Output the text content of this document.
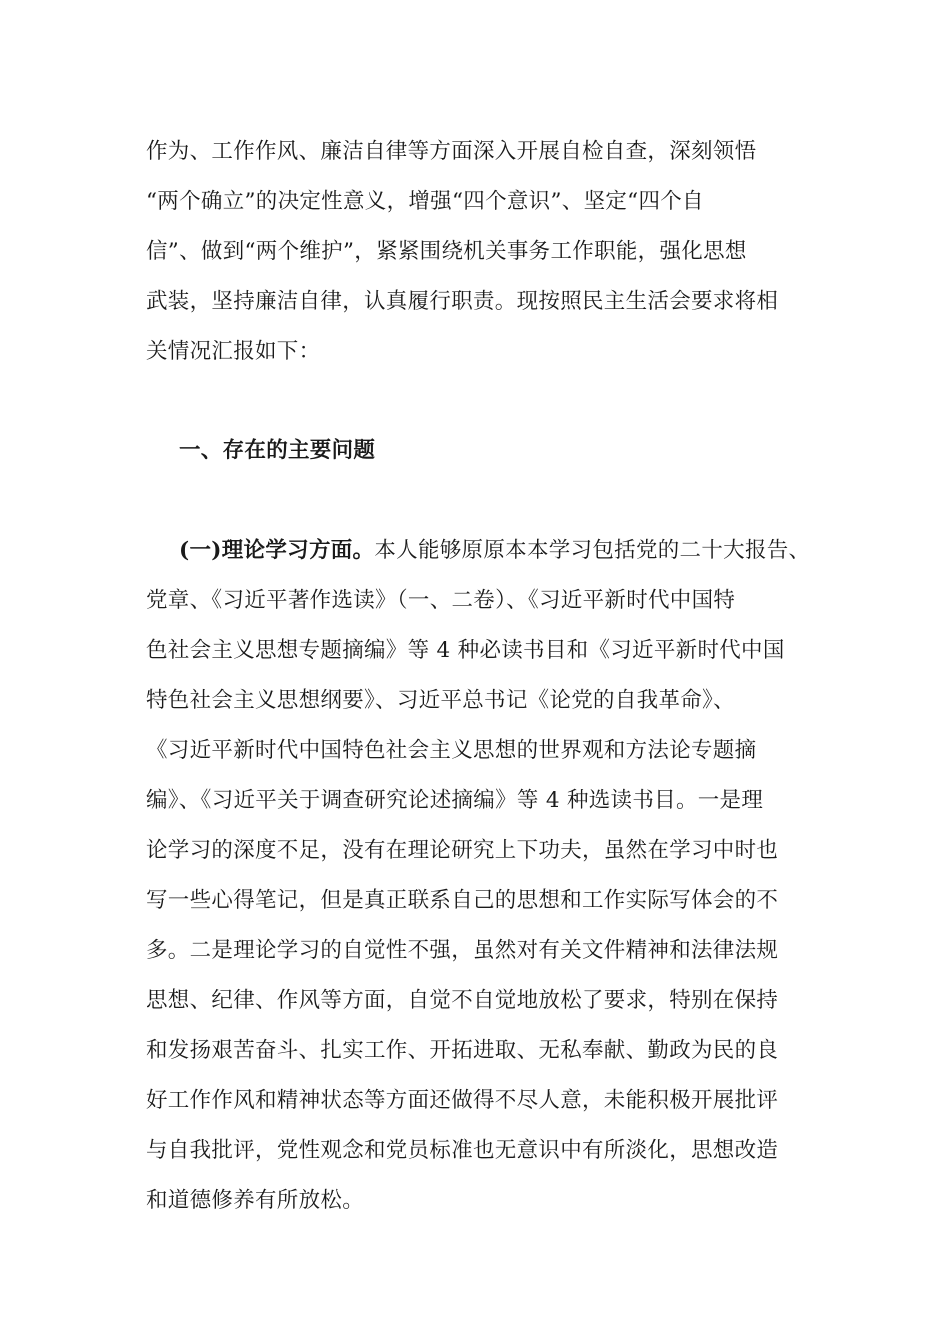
作为、工作作风、廉洁自律等方面深入开展自检自查，深刻领悟
“两个确立”的决定性意义，增强“四个意识”、坚定“四个自
信”、做到“两个维护”，紧紧围绕机关事务工作职能，强化思想
武装，坚持廉洁自律，认真履行职责。现按照民主生活会要求将相
关情况汇报如下：
一、存在的主要问题
(一)理论学习方面。本人能够原原本本学习包括党的二十大报告、
党章、《习近平著作选读》（一、二卷）、《习近平新时代中国特
色社会主义思想专题摘编》等 4 种必读书目和《习近平新时代中国
特色社会主义思想纲要》、习近平总书记《论党的自我革命》、
《习近平新时代中国特色社会主义思想的世界观和方法论专题摘
编》、《习近平关于调查研究论述摘编》等 4 种选读书目。一是理
论学习的深度不足，没有在理论研究上下功夫，虽然在学习中时也
写一些心得笔记，但是真正联系自己的思想和工作实际写体会的不
多。二是理论学习的自觉性不强，虽然对有关文件精神和法律法规
思想、纪律、作风等方面，自觉不自觉地放松了要求，特别在保持
和发扬艰苦奋斗、扎实工作、开拓进取、无私奉献、勤政为民的良
好工作作风和精神状态等方面还做得不尽人意，未能积极开展批评
与自我批评，党性观念和党员标准也无意识中有所淡化，思想改造
和道德修养有所放松。
